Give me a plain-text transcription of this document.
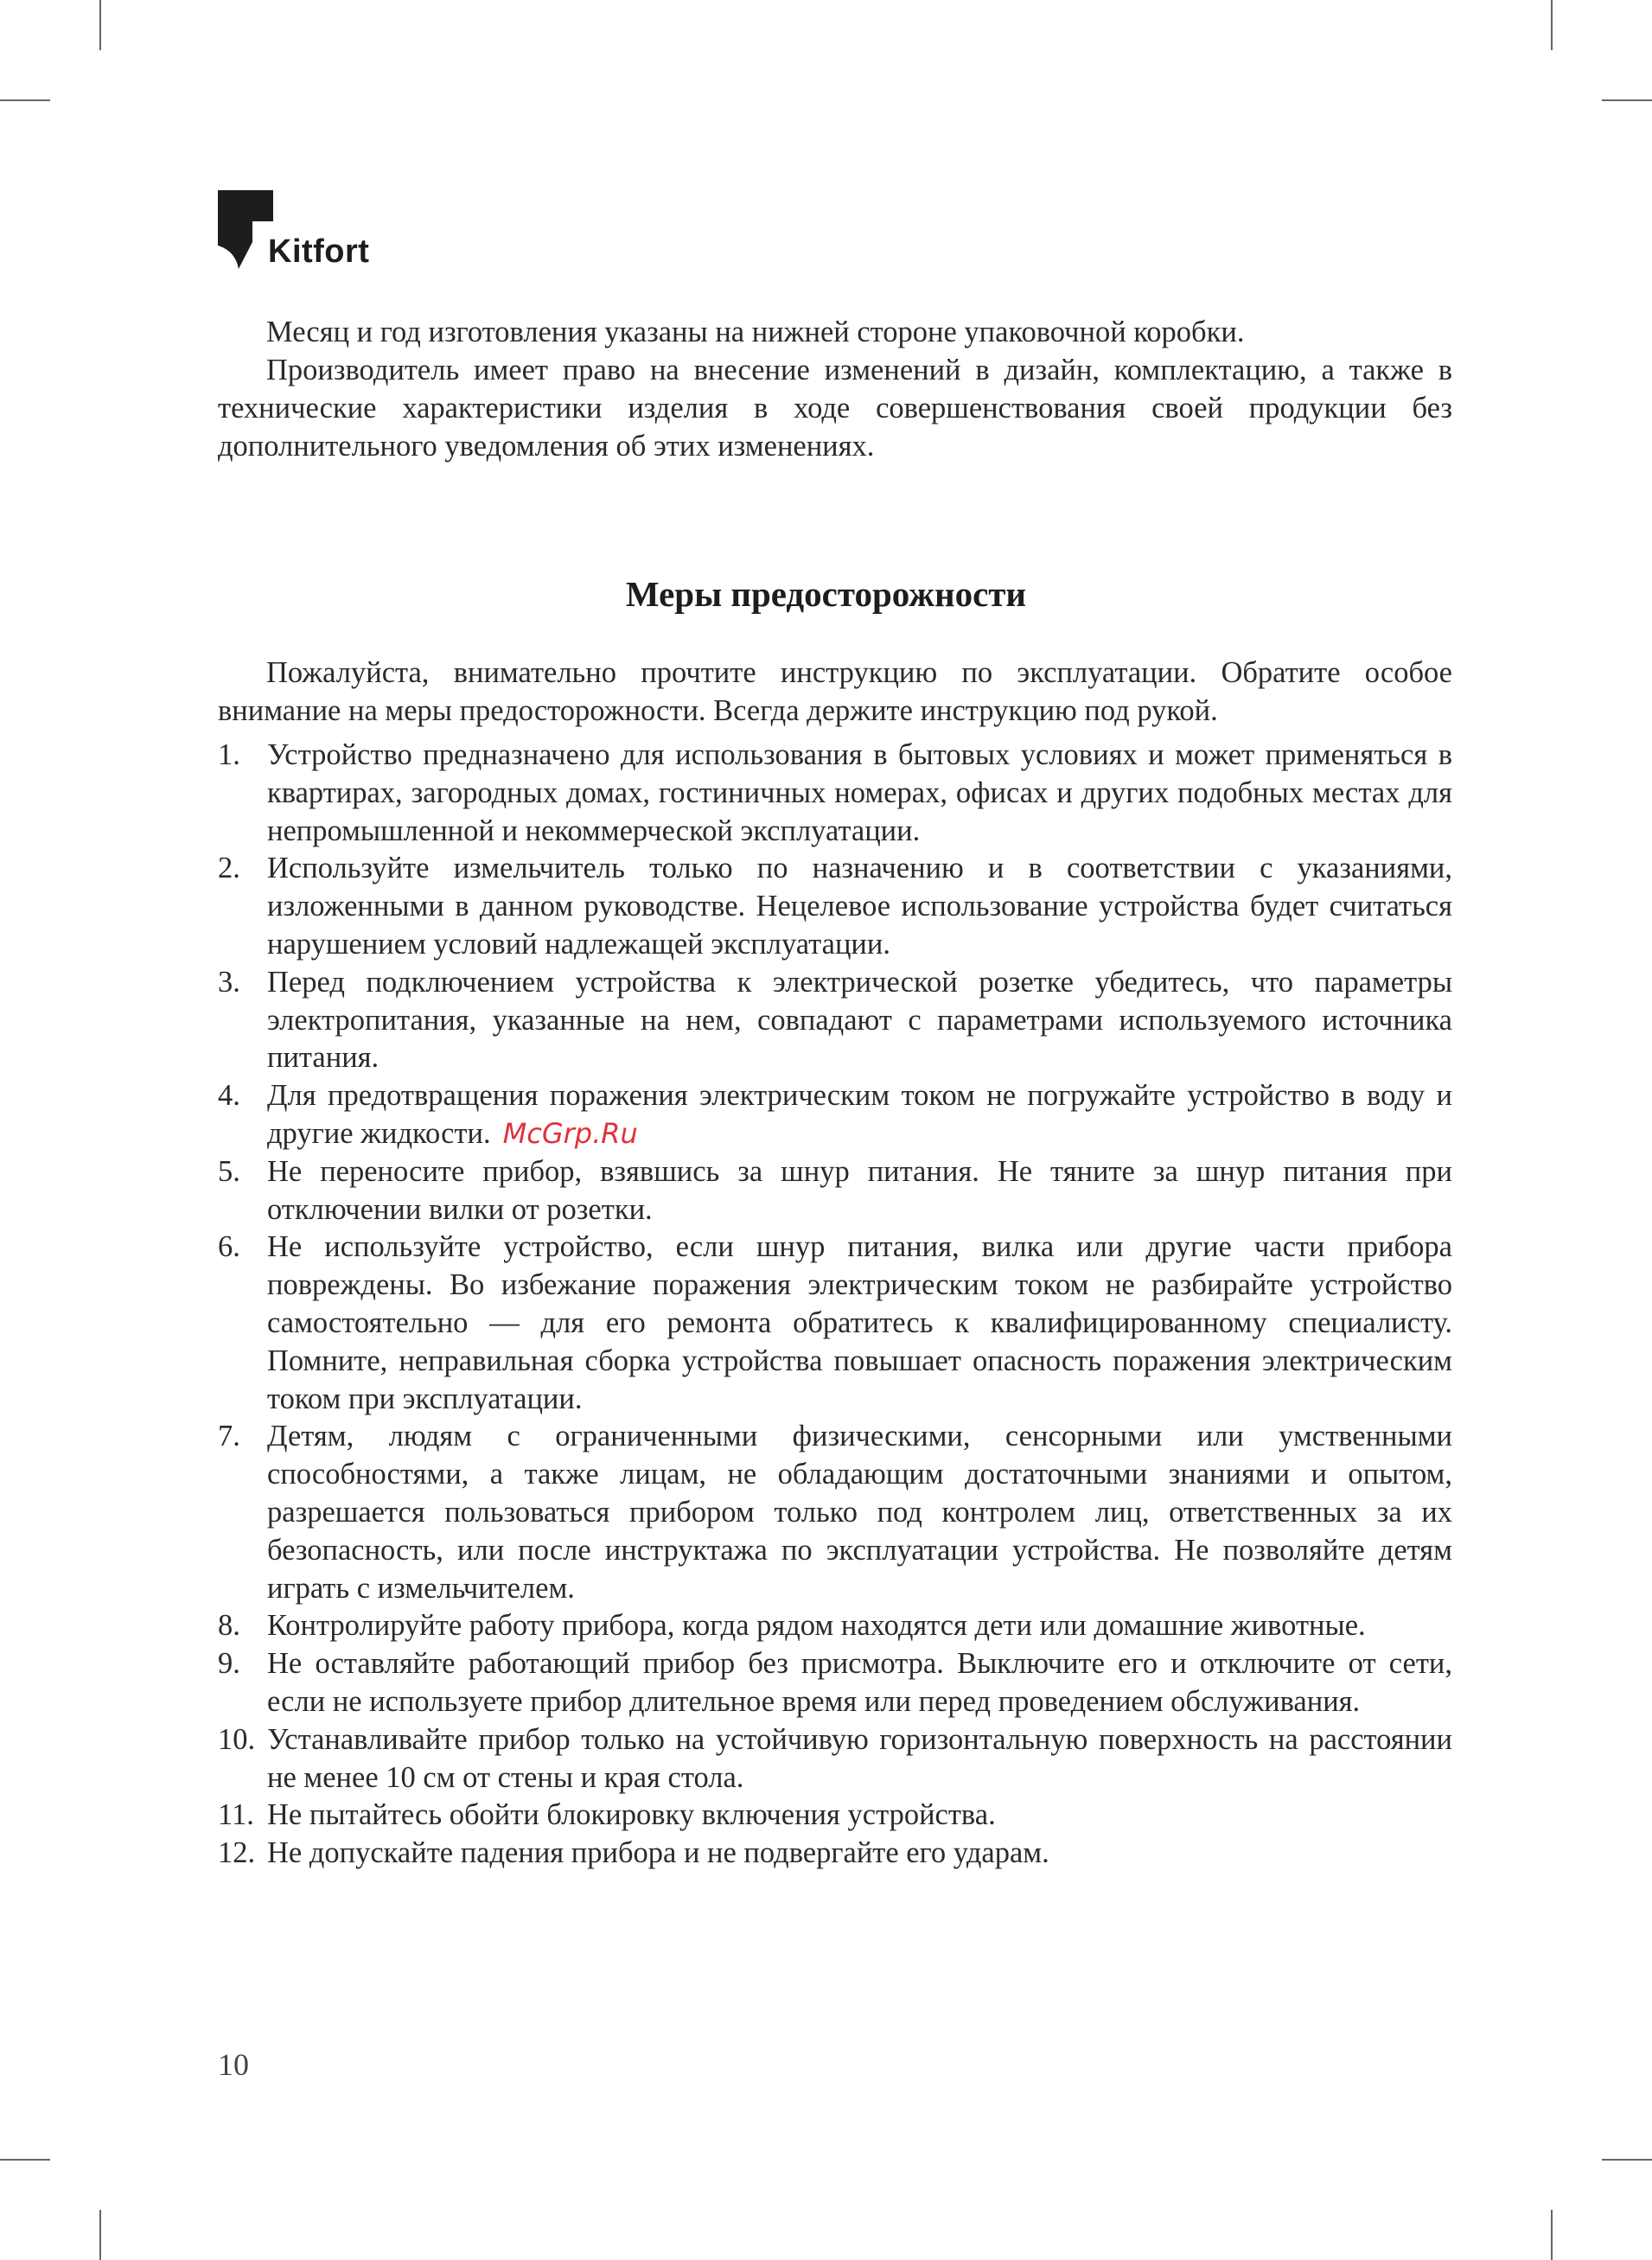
Kitfort

Месяц и год изготовления указаны на нижней стороне упаковочной коробки.

Производитель имеет право на внесение изменений в дизайн, комплектацию, а также в технические характеристики изделия в ходе совершенствования своей продукции без дополнительного уведомления об этих изменениях.

Меры предосторожности

Пожалуйста, внимательно прочтите инструкцию по эксплуатации. Обратите особое внимание на меры предосторожности. Всегда держите инструкцию под рукой.

1. Устройство предназначено для использования в бытовых условиях и может применяться в квартирах, загородных домах, гостиничных номерах, офисах и других подобных местах для непромышленной и некоммерческой эксплуатации.
2. Используйте измельчитель только по назначению и в соответствии с указаниями, изложенными в данном руководстве. Нецелевое использование устройства будет считаться нарушением условий надлежащей эксплуатации.
3. Перед подключением устройства к электрической розетке убедитесь, что параметры электропитания, указанные на нем, совпадают с параметрами используемого источника питания.
4. Для предотвращения поражения электрическим током не погружайте устройство в воду и другие жидкости. McGrp.Ru
5. Не переносите прибор, взявшись за шнур питания. Не тяните за шнур питания при отключении вилки от розетки.
6. Не используйте устройство, если шнур питания, вилка или другие части прибора повреждены. Во избежание поражения электрическим током не разбирайте устройство самостоятельно — для его ремонта обратитесь к квалифицированному специалисту. Помните, неправильная сборка устройства повышает опасность поражения электрическим током при эксплуатации.
7. Детям, людям с ограниченными физическими, сенсорными или умственными способностями, а также лицам, не обладающим достаточными знаниями и опытом, разрешается пользоваться прибором только под контролем лиц, ответственных за их безопасность, или после инструктажа по эксплуатации устройства. Не позволяйте детям играть с измельчителем.
8. Контролируйте работу прибора, когда рядом находятся дети или домашние животные.
9. Не оставляйте работающий прибор без присмотра. Выключите его и отключите от сети, если не используете прибор длительное время или перед проведением обслуживания.
10. Устанавливайте прибор только на устойчивую горизонтальную поверхность на расстоянии не менее 10 см от стены и края стола.
11. Не пытайтесь обойти блокировку включения устройства.
12. Не допускайте падения прибора и не подвергайте его ударам.
10
